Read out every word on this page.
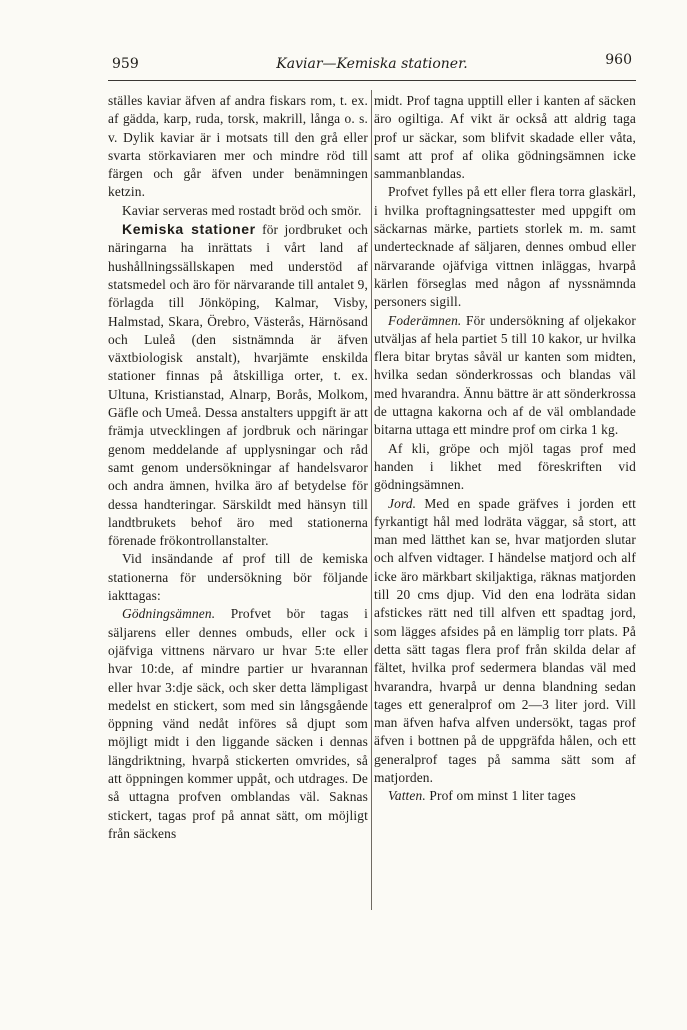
959	Kaviar—Kemiska stationer.	960

ställes kaviar äfven af andra fiskars rom, t. ex. af gädda, karp, ruda, torsk, makrill, långa o. s. v. Dylik kaviar är i motsats till den grå eller svarta störkaviaren mer och mindre röd till färgen och går äfven under benämningen ketzin.

Kaviar serveras med rostadt bröd och smör.

Kemiska stationer för jordbruket och näringarna ha inrättats i vårt land af hushållningssällskapen med understöd af statsmedel och äro för närvarande till antalet 9, förlagda till Jönköping, Kalmar, Visby, Halmstad, Skara, Örebro, Västerås, Härnösand och Luleå (den sistnämnda är äfven växtbiologisk anstalt), hvarjämte enskilda stationer finnas på åtskilliga orter, t. ex. Ultuna, Kristianstad, Alnarp, Borås, Molkom, Gäfle och Umeå. Dessa anstalters uppgift är att främja utvecklingen af jordbruk och näringar genom meddelande af upplysningar och råd samt genom undersökningar af handelsvaror och andra ämnen, hvilka äro af betydelse för dessa handteringar. Särskildt med hänsyn till landtbrukets behof äro med stationerna förenade frökontrollanstalter.

Vid insändande af prof till de kemiska stationerna för undersökning bör följande iakttagas:

Gödningsämnen. Profvet bör tagas i säljarens eller dennes ombuds, eller ock i ojäfviga vittnens närvaro ur hvar 5:te eller hvar 10:de, af mindre partier ur hvarannan eller hvar 3:dje säck, och sker detta lämpligast medelst en stickert, som med sin långsgående öppning vänd nedåt införes så djupt som möjligt midt i den liggande säcken i dennas längdriktning, hvarpå stickerten omvrides, så att öppningen kommer uppåt, och utdrages. De så uttagna profven omblandas väl. Saknas stickert, tagas prof på annat sätt, om möjligt från säckens

midt. Prof tagna upptill eller i kanten af säcken äro ogiltiga. Af vikt är också att aldrig taga prof ur säckar, som blifvit skadade eller våta, samt att prof af olika gödningsämnen icke sammanblandas.

Profvet fylles på ett eller flera torra glaskärl, i hvilka proftagningsattester med uppgift om säckarnas märke, partiets storlek m. m. samt undertecknade af säljaren, dennes ombud eller närvarande ojäfviga vittnen inläggas, hvarpå kärlen förseglas med någon af nyssnämnda personers sigill.

Foderämnen. För undersökning af oljekakor utväljas af hela partiet 5 till 10 kakor, ur hvilka flera bitar brytas såväl ur kanten som midten, hvilka sedan sönderkrossas och blandas väl med hvarandra. Ännu bättre är att sönderkrossa de uttagna kakorna och af de väl omblandade bitarna uttaga ett mindre prof om cirka 1 kg.

Af kli, gröpe och mjöl tagas prof med handen i likhet med föreskriften vid gödningsämnen.

Jord. Med en spade gräfves i jorden ett fyrkantigt hål med lodräta väggar, så stort, att man med lätthet kan se, hvar matjorden slutar och alfven vidtager. I händelse matjord och alf icke äro märkbart skiljaktiga, räknas matjorden till 20 cms djup. Vid den ena lodräta sidan afstickes rätt ned till alfven ett spadtag jord, som lägges afsides på en lämplig torr plats. På detta sätt tagas flera prof från skilda delar af fältet, hvilka prof sedermera blandas väl med hvarandra, hvarpå ur denna blandning sedan tages ett generalprof om 2—3 liter jord. Vill man äfven hafva alfven undersökt, tagas prof äfven i bottnen på de uppgräfda hålen, och ett generalprof tages på samma sätt som af matjorden.

Vatten. Prof om minst 1 liter tages
